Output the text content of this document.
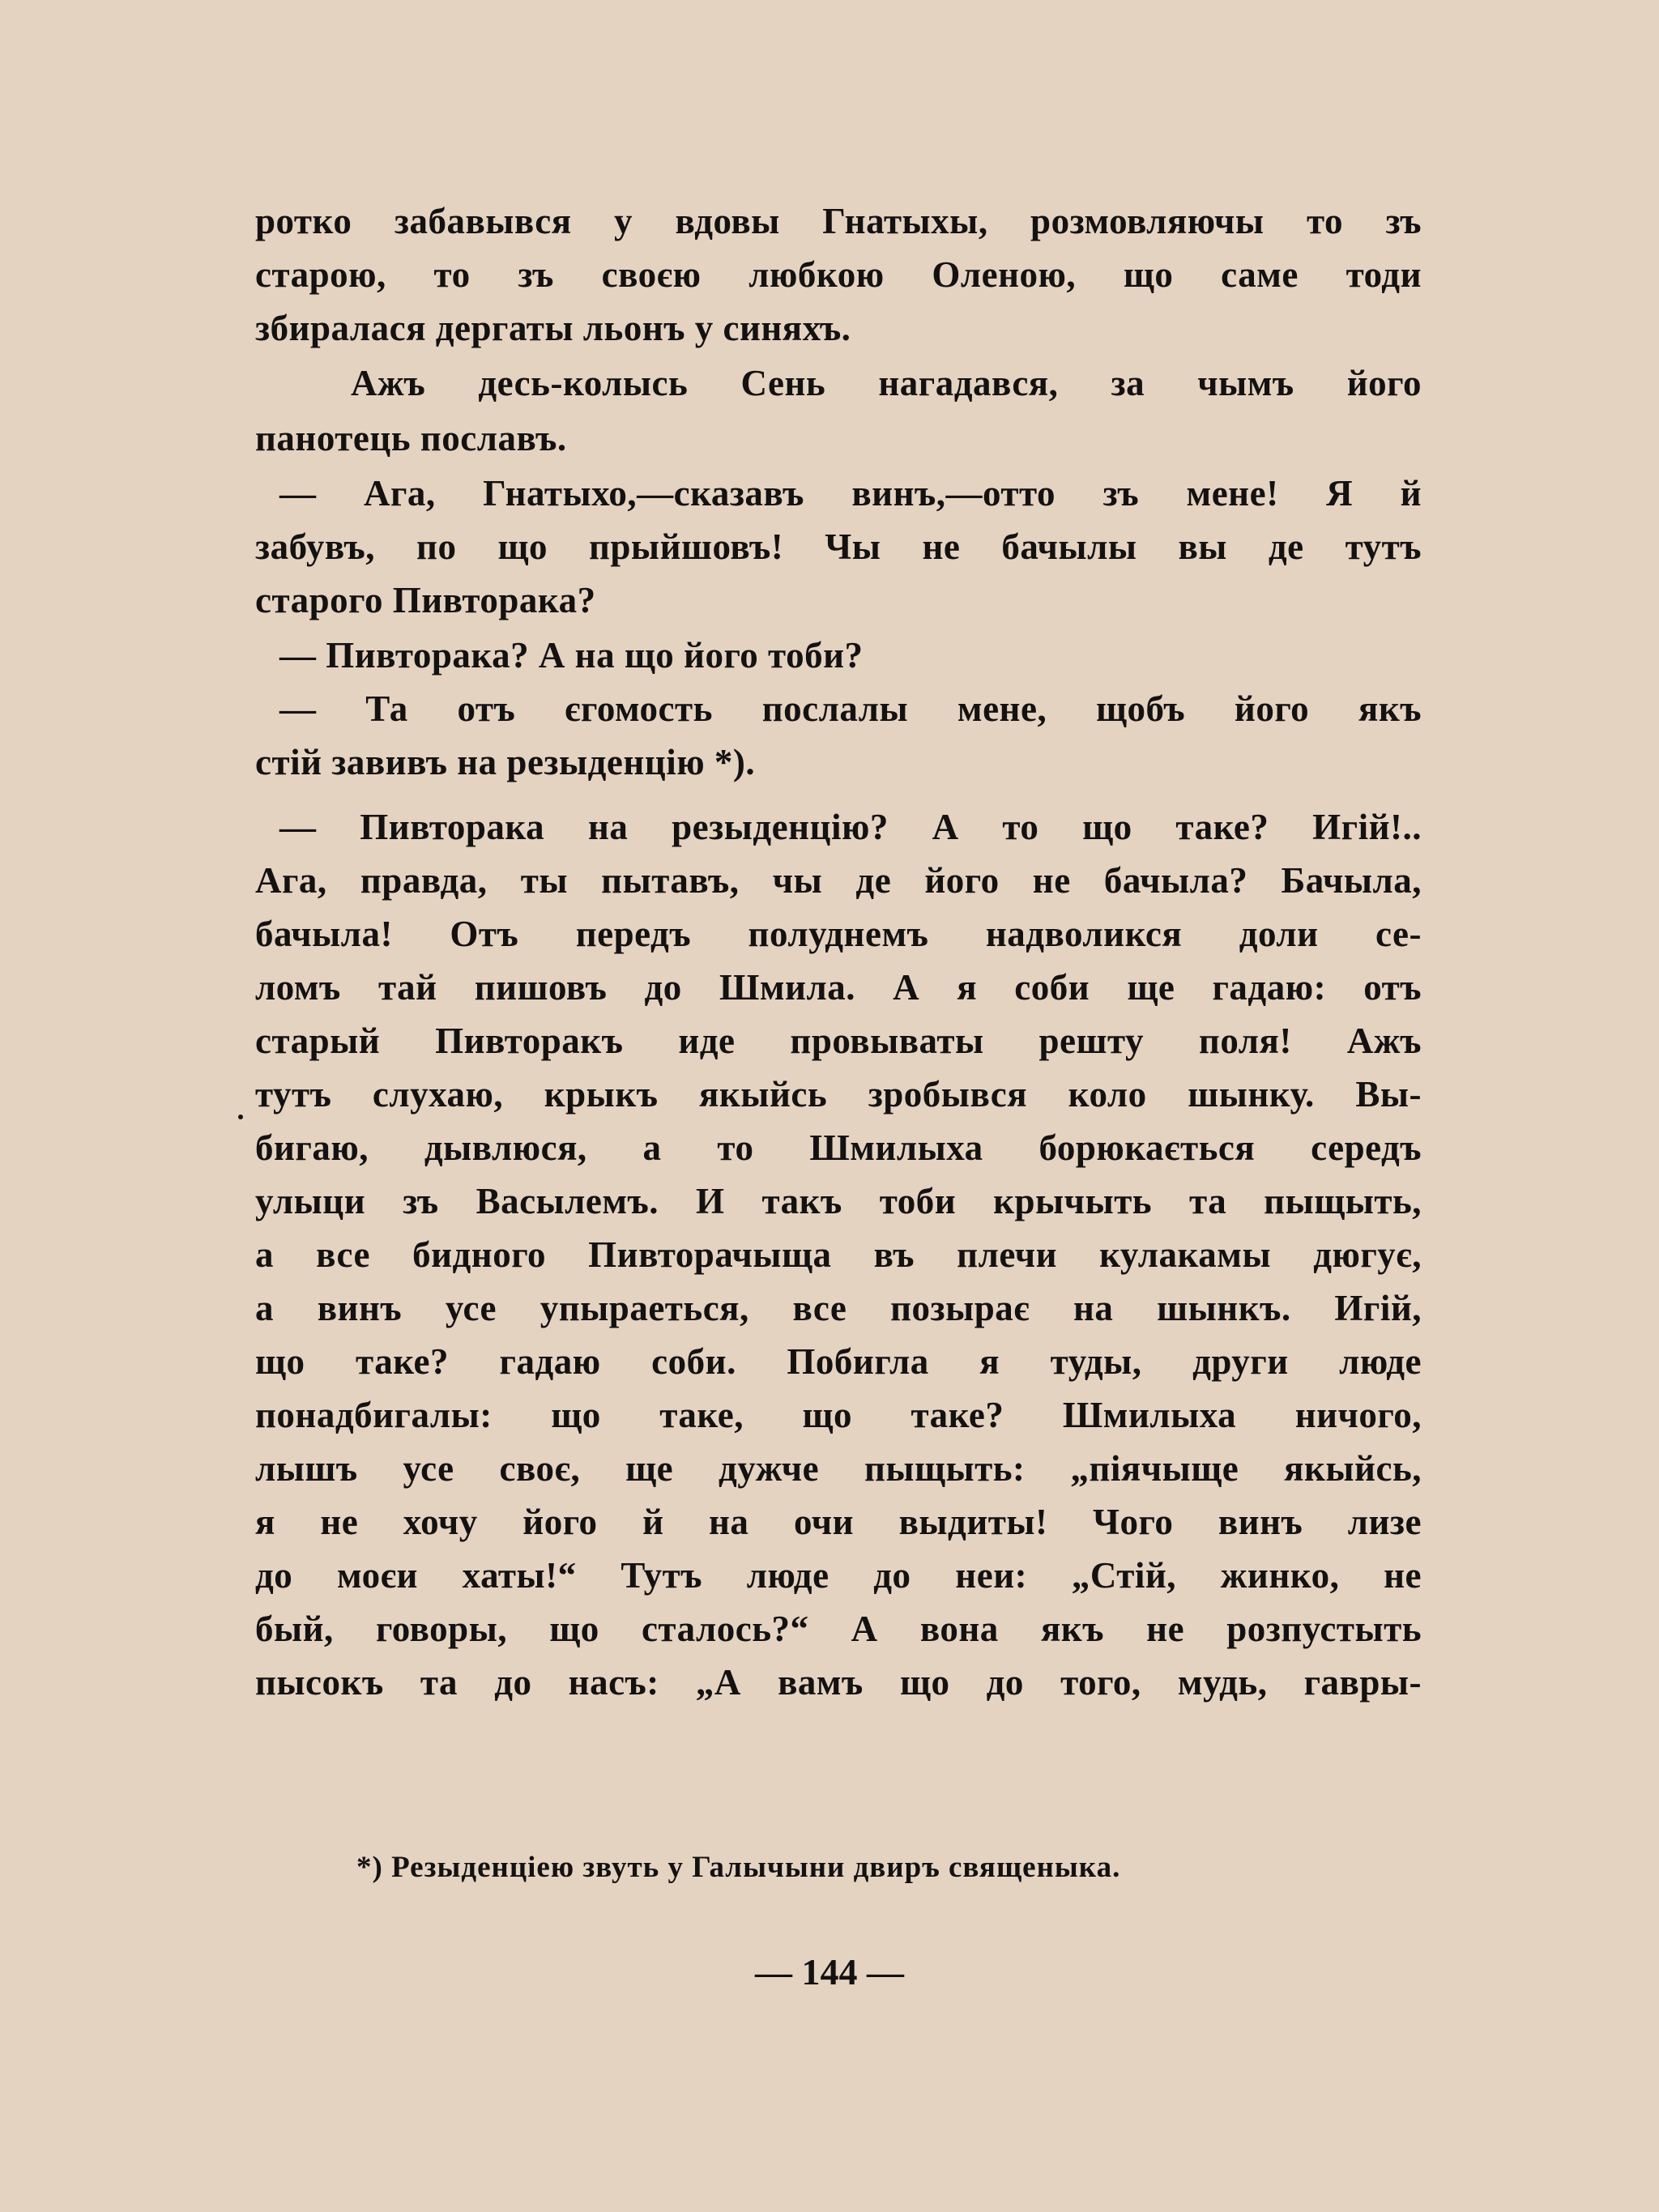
ротко забавывся у вдовы Гнатыхы, розмовляючы то зъ
старою, то зъ своєю любкою Оленою, що саме тоди
збиралася дергаты льонъ у синяхъ.
Ажъ десь-колысь Сень нагадався, за чымъ його
панотець пославъ.
— Ага, Гнатыхо,—сказавъ винъ,—отто зъ мене! Я й
забувъ, по що прыйшовъ! Чы не бачылы вы де тутъ
старого Пивторака?
— Пивторака? А на що його тоби?
— Та отъ єгомость послалы мене, щобъ його якъ
стій завивъ на резыденцію *).
— Пивторака на резыденцію? А то що таке? Игій!..
Ага, правда, ты пытавъ, чы де його не бачыла? Бачыла,
бачыла! Отъ передъ полуднемъ надволикся доли се-
ломъ тай пишовъ до Шмила. А я соби ще гадаю: отъ
старый Пивторакъ иде провываты решту поля! Ажъ
тутъ слухаю, крыкъ якыйсь зробывся коло шынку. Вы-
бигаю, дывлюся, а то Шмилыха борюкається середъ
улыци зъ Васылемъ. И такъ тоби крычыть та пыщыть,
а все бидного Пивторачыща въ плечи кулакамы дюгує,
а винъ усе упыраеться, все позырає на шынкъ. Игій,
що таке? гадаю соби. Побигла я туды, други люде
понадбигалы: що таке, що таке? Шмилыха ничого,
лышъ усе своє, ще дужче пыщыть: „піячыще якыйсь,
я не хочу його й на очи выдиты! Чого винъ лизе
до моєи хаты!“ Тутъ люде до неи: „Стій, жинко, не
бый, говоры, що сталось?“ А вона якъ не розпустыть
пысокъ та до насъ: „А вамъ що до того, мудь, гавры-
*) Резыденціею звуть у Галычыни двиръ священыка.
— 144 —
